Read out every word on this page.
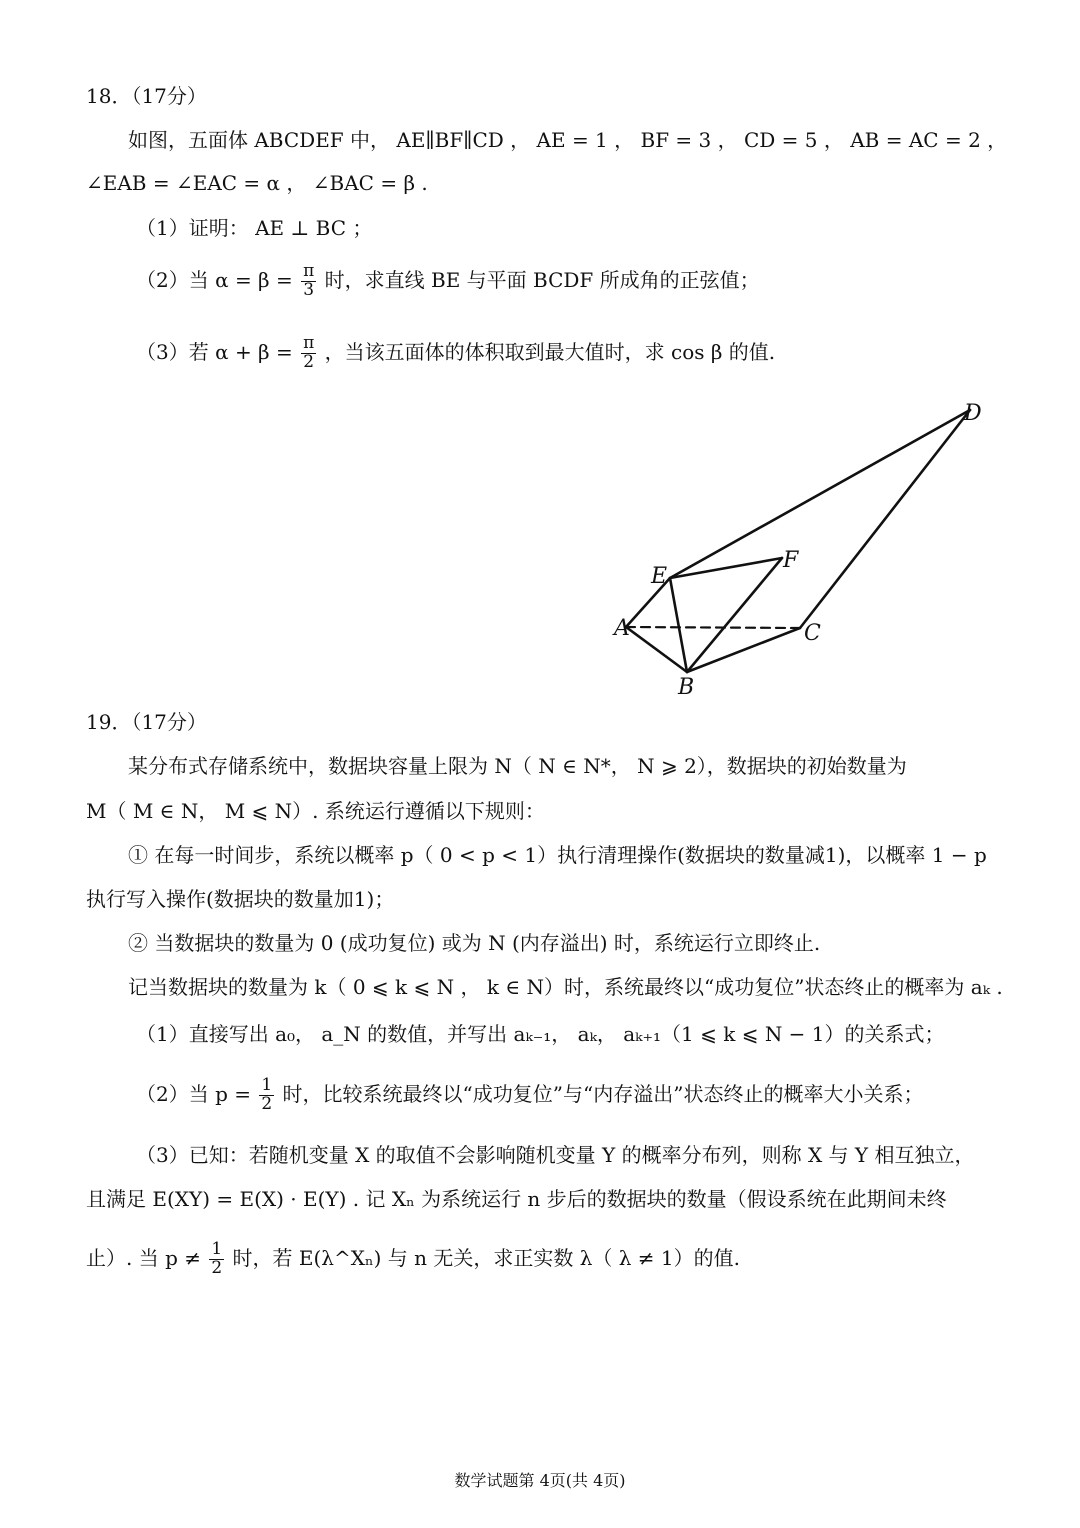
18．（17分）
如图，五面体 ABCDEF 中， AE∥BF∥CD ， AE = 1 ， BF = 3 ， CD = 5 ， AB = AC = 2 ，
∠EAB = ∠EAC = α ， ∠BAC = β .
（1）证明： AE ⊥ BC ；
（2）当 $\alpha = \beta = \frac{\pi}{3}$ 时，求直线 BE 与平面 BCDF 所成角的正弦值；
（3）若 $\alpha + \beta = \frac{\pi}{2}$ ，当该五面体的体积取到最大值时，求 cos β 的值.
D
F
E
A	C
B
19．（17分）
某分布式存储系统中，数据块容量上限为 N（ N ∈ N*， N ⩾ 2），数据块的初始数量为
M（ M ∈ N， M ⩽ N）. 系统运行遵循以下规则：
① 在每一时间步，系统以概率 p（ 0 < p < 1）执行清理操作(数据块的数量减1)，以概率 1 − p
执行写入操作(数据块的数量加1)；
② 当数据块的数量为 0 (成功复位) 或为 N (内存溢出) 时，系统运行立即终止.
记当数据块的数量为 k（ 0 ⩽ k ⩽ N ， k ∈ N）时，系统最终以“成功复位”状态终止的概率为 aₖ .
（1）直接写出 a₀， a_N 的数值，并写出 aₖ₋₁， aₖ， aₖ₊₁（1 ⩽ k ⩽ N − 1）的关系式；
（2）当 $p = \frac{1}{2}$ 时，比较系统最终以“成功复位”与“内存溢出”状态终止的概率大小关系；
（3）已知：若随机变量 X 的取值不会影响随机变量 Y 的概率分布列，则称 X 与 Y 相互独立，
且满足 E(XY) = E(X) · E(Y) . 记 Xₙ 为系统运行 n 步后的数据块的数量（假设系统在此期间未终
止）. 当 $p \ne \frac{1}{2}$ 时，若 E(λ^Xₙ) 与 n 无关，求正实数 λ（ λ ≠ 1）的值.
数学试题第 4页(共 4页)
